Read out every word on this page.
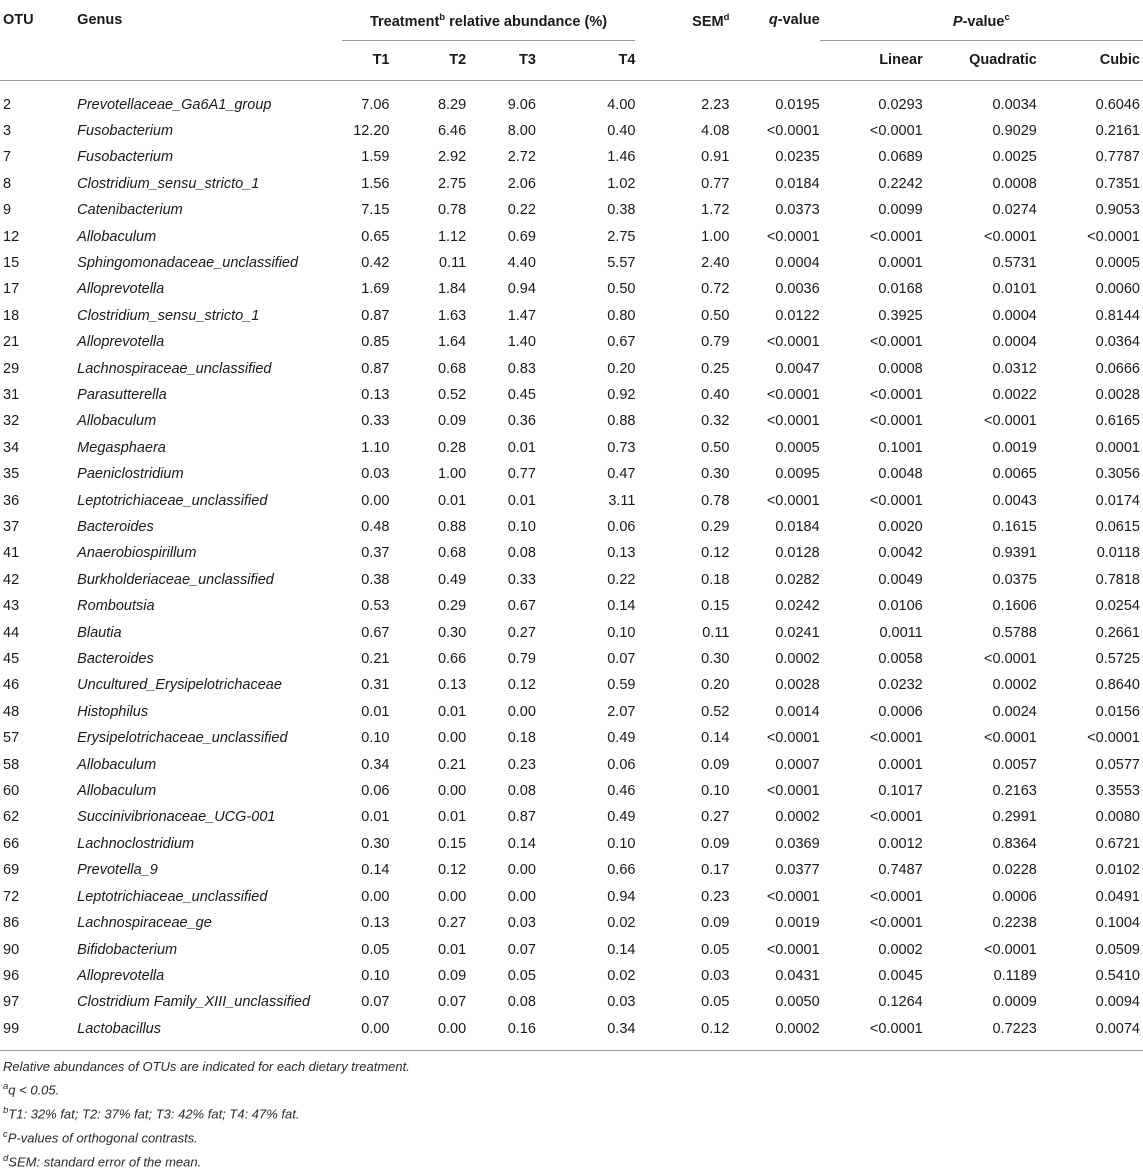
OTU	Genus	Treatment$^b$ relative abundance (%)				SEM$^d$	q-value	P-value$^c$
		T1	T2	T3	T4			Linear	Quadratic	Cubic

2	Prevotellaceae_Ga6A1_group	7.06	8.29	9.06	4.00	2.23	0.0195	0.0293	0.0034	0.6046
3	Fusobacterium	12.20	6.46	8.00	0.40	4.08	<0.0001	<0.0001	0.9029	0.2161
7	Fusobacterium	1.59	2.92	2.72	1.46	0.91	0.0235	0.0689	0.0025	0.7787
8	Clostridium_sensu_stricto_1	1.56	2.75	2.06	1.02	0.77	0.0184	0.2242	0.0008	0.7351
9	Catenibacterium	7.15	0.78	0.22	0.38	1.72	0.0373	0.0099	0.0274	0.9053
12	Allobaculum	0.65	1.12	0.69	2.75	1.00	<0.0001	<0.0001	<0.0001	<0.0001
15	Sphingomonadaceae_unclassified	0.42	0.11	4.40	5.57	2.40	0.0004	0.0001	0.5731	0.0005
17	Alloprevotella	1.69	1.84	0.94	0.50	0.72	0.0036	0.0168	0.0101	0.0060
18	Clostridium_sensu_stricto_1	0.87	1.63	1.47	0.80	0.50	0.0122	0.3925	0.0004	0.8144
21	Alloprevotella	0.85	1.64	1.40	0.67	0.79	<0.0001	<0.0001	0.0004	0.0364
29	Lachnospiraceae_unclassified	0.87	0.68	0.83	0.20	0.25	0.0047	0.0008	0.0312	0.0666
31	Parasutterella	0.13	0.52	0.45	0.92	0.40	<0.0001	<0.0001	0.0022	0.0028
32	Allobaculum	0.33	0.09	0.36	0.88	0.32	<0.0001	<0.0001	<0.0001	0.6165
34	Megasphaera	1.10	0.28	0.01	0.73	0.50	0.0005	0.1001	0.0019	0.0001
35	Paeniclostridium	0.03	1.00	0.77	0.47	0.30	0.0095	0.0048	0.0065	0.3056
36	Leptotrichiaceae_unclassified	0.00	0.01	0.01	3.11	0.78	<0.0001	<0.0001	0.0043	0.0174
37	Bacteroides	0.48	0.88	0.10	0.06	0.29	0.0184	0.0020	0.1615	0.0615
41	Anaerobiospirillum	0.37	0.68	0.08	0.13	0.12	0.0128	0.0042	0.9391	0.0118
42	Burkholderiaceae_unclassified	0.38	0.49	0.33	0.22	0.18	0.0282	0.0049	0.0375	0.7818
43	Romboutsia	0.53	0.29	0.67	0.14	0.15	0.0242	0.0106	0.1606	0.0254
44	Blautia	0.67	0.30	0.27	0.10	0.11	0.0241	0.0011	0.5788	0.2661
45	Bacteroides	0.21	0.66	0.79	0.07	0.30	0.0002	0.0058	<0.0001	0.5725
46	Uncultured_Erysipelotrichaceae	0.31	0.13	0.12	0.59	0.20	0.0028	0.0232	0.0002	0.8640
48	Histophilus	0.01	0.01	0.00	2.07	0.52	0.0014	0.0006	0.0024	0.0156
57	Erysipelotrichaceae_unclassified	0.10	0.00	0.18	0.49	0.14	<0.0001	<0.0001	<0.0001	<0.0001
58	Allobaculum	0.34	0.21	0.23	0.06	0.09	0.0007	0.0001	0.0057	0.0577
60	Allobaculum	0.06	0.00	0.08	0.46	0.10	<0.0001	0.1017	0.2163	0.3553
62	Succinivibrionaceae_UCG-001	0.01	0.01	0.87	0.49	0.27	0.0002	<0.0001	0.2991	0.0080
66	Lachnoclostridium	0.30	0.15	0.14	0.10	0.09	0.0369	0.0012	0.8364	0.6721
69	Prevotella_9	0.14	0.12	0.00	0.66	0.17	0.0377	0.7487	0.0228	0.0102
72	Leptotrichiaceae_unclassified	0.00	0.00	0.00	0.94	0.23	<0.0001	<0.0001	0.0006	0.0491
86	Lachnospiraceae_ge	0.13	0.27	0.03	0.02	0.09	0.0019	<0.0001	0.2238	0.1004
90	Bifidobacterium	0.05	0.01	0.07	0.14	0.05	<0.0001	0.0002	<0.0001	0.0509
96	Alloprevotella	0.10	0.09	0.05	0.02	0.03	0.0431	0.0045	0.1189	0.5410
97	Clostridium Family_XIII_unclassified	0.07	0.07	0.08	0.03	0.05	0.0050	0.1264	0.0009	0.0094
99	Lactobacillus	0.00	0.00	0.16	0.34	0.12	0.0002	<0.0001	0.7223	0.0074
Relative abundances of OTUs are indicated for each dietary treatment.
$^a$q < 0.05.
$^b$T1: 32% fat; T2: 37% fat; T3: 42% fat; T4: 47% fat.
$^c$P-values of orthogonal contrasts.
$^d$SEM: standard error of the mean.
